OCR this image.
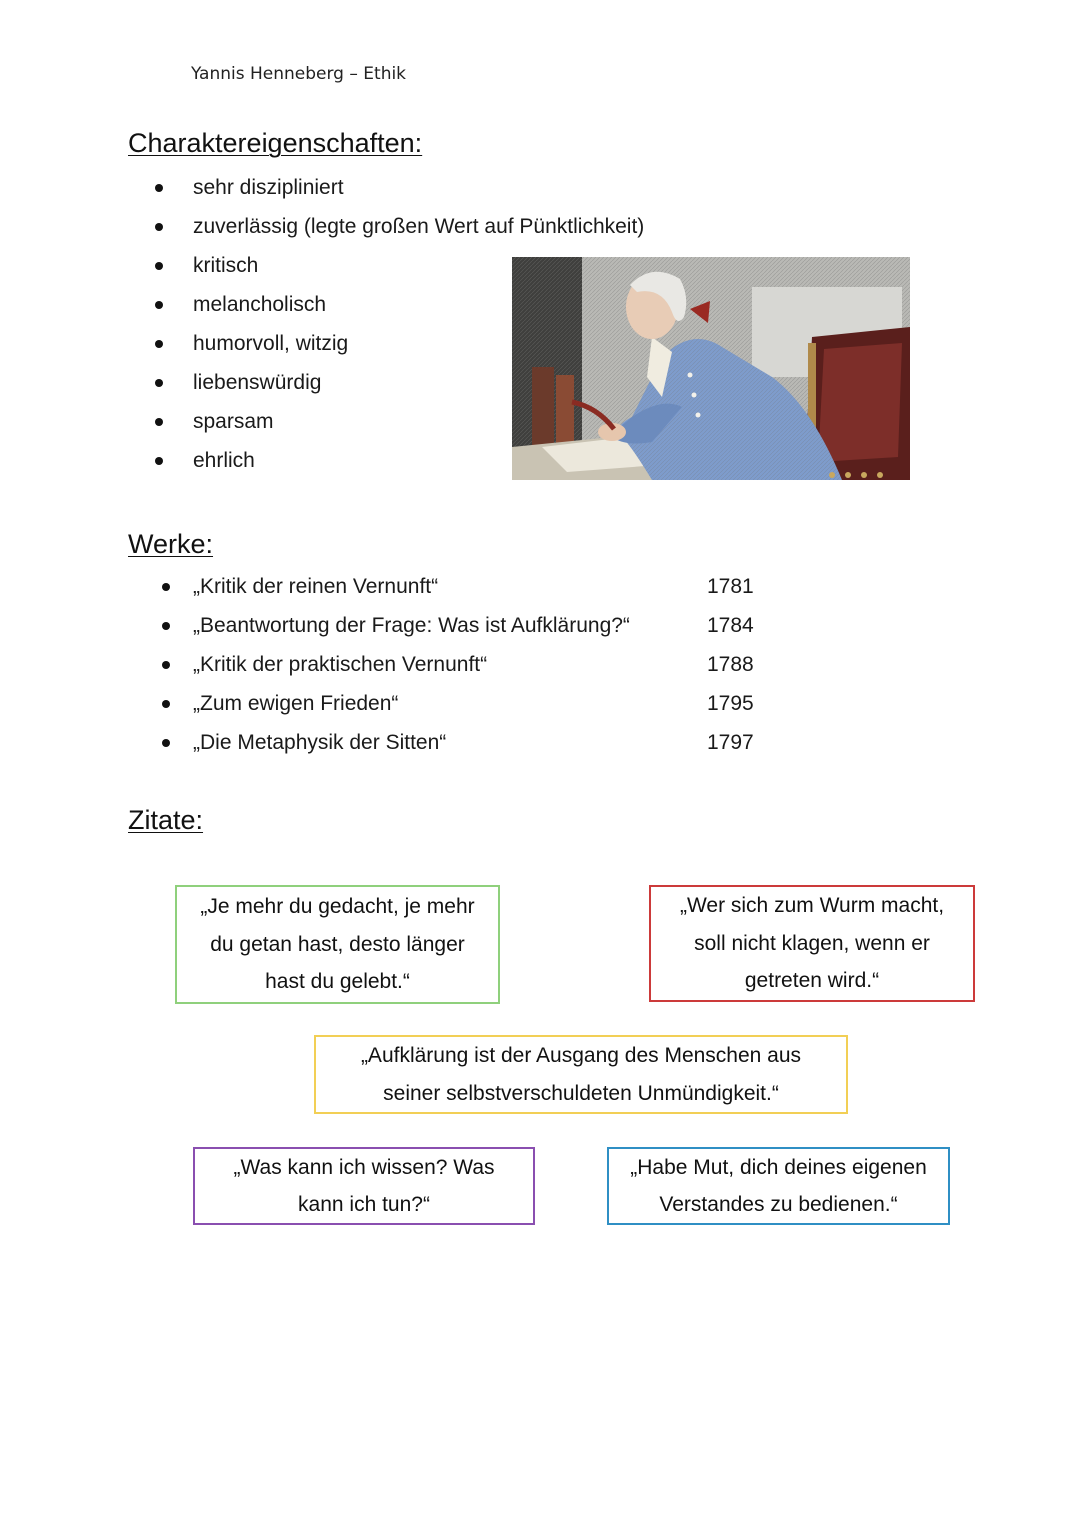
Yannis Henneberg – Ethik
Charaktereigenschaften:
sehr diszipliniert
zuverlässig (legte großen Wert auf Pünktlichkeit)
kritisch
melancholisch
humorvoll, witzig
liebenswürdig
sparsam
ehrlich
Werke:
„Kritik der reinen Vernunft“	1781
„Beantwortung der Frage: Was ist Aufklärung?“	1784
„Kritik der praktischen Vernunft“	1788
„Zum ewigen Frieden“	1795
„Die Metaphysik der Sitten“	1797
Zitate:
„Je mehr du gedacht, je mehr du getan hast, desto länger hast du gelebt.“
„Wer sich zum Wurm macht, soll nicht klagen, wenn er getreten wird.“
„Aufklärung ist der Ausgang des Menschen aus seiner selbstverschuldeten Unmündigkeit.“
„Was kann ich wissen? Was kann ich tun?“
„Habe Mut, dich deines eigenen Verstandes zu bedienen.“
